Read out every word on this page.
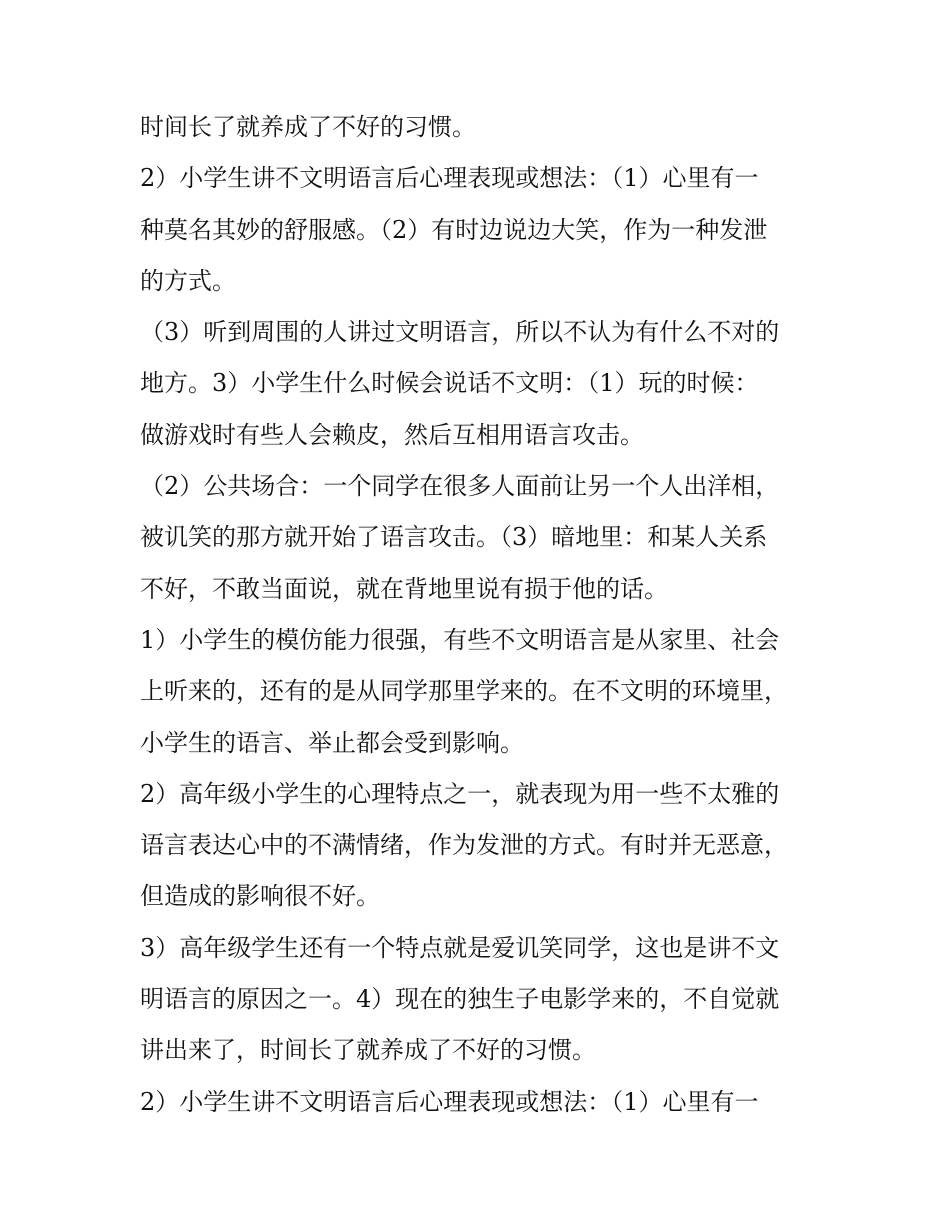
时间长了就养成了不好的习惯。
2）小学生讲不文明语言后心理表现或想法：（1）心里有一
种莫名其妙的舒服感。（2）有时边说边大笑，作为一种发泄
的方式。
（3）听到周围的人讲过文明语言，所以不认为有什么不对的
地方。3）小学生什么时候会说话不文明：（1）玩的时候：
做游戏时有些人会赖皮，然后互相用语言攻击。
（2）公共场合：一个同学在很多人面前让另一个人出洋相，
被讥笑的那方就开始了语言攻击。（3）暗地里：和某人关系
不好，不敢当面说，就在背地里说有损于他的话。
1）小学生的模仿能力很强，有些不文明语言是从家里、社会
上听来的，还有的是从同学那里学来的。在不文明的环境里，
小学生的语言、举止都会受到影响。
2）高年级小学生的心理特点之一，就表现为用一些不太雅的
语言表达心中的不满情绪，作为发泄的方式。有时并无恶意，
但造成的影响很不好。
3）高年级学生还有一个特点就是爱讥笑同学，这也是讲不文
明语言的原因之一。4）现在的独生子电影学来的，不自觉就
讲出来了，时间长了就养成了不好的习惯。
2）小学生讲不文明语言后心理表现或想法：（1）心里有一
